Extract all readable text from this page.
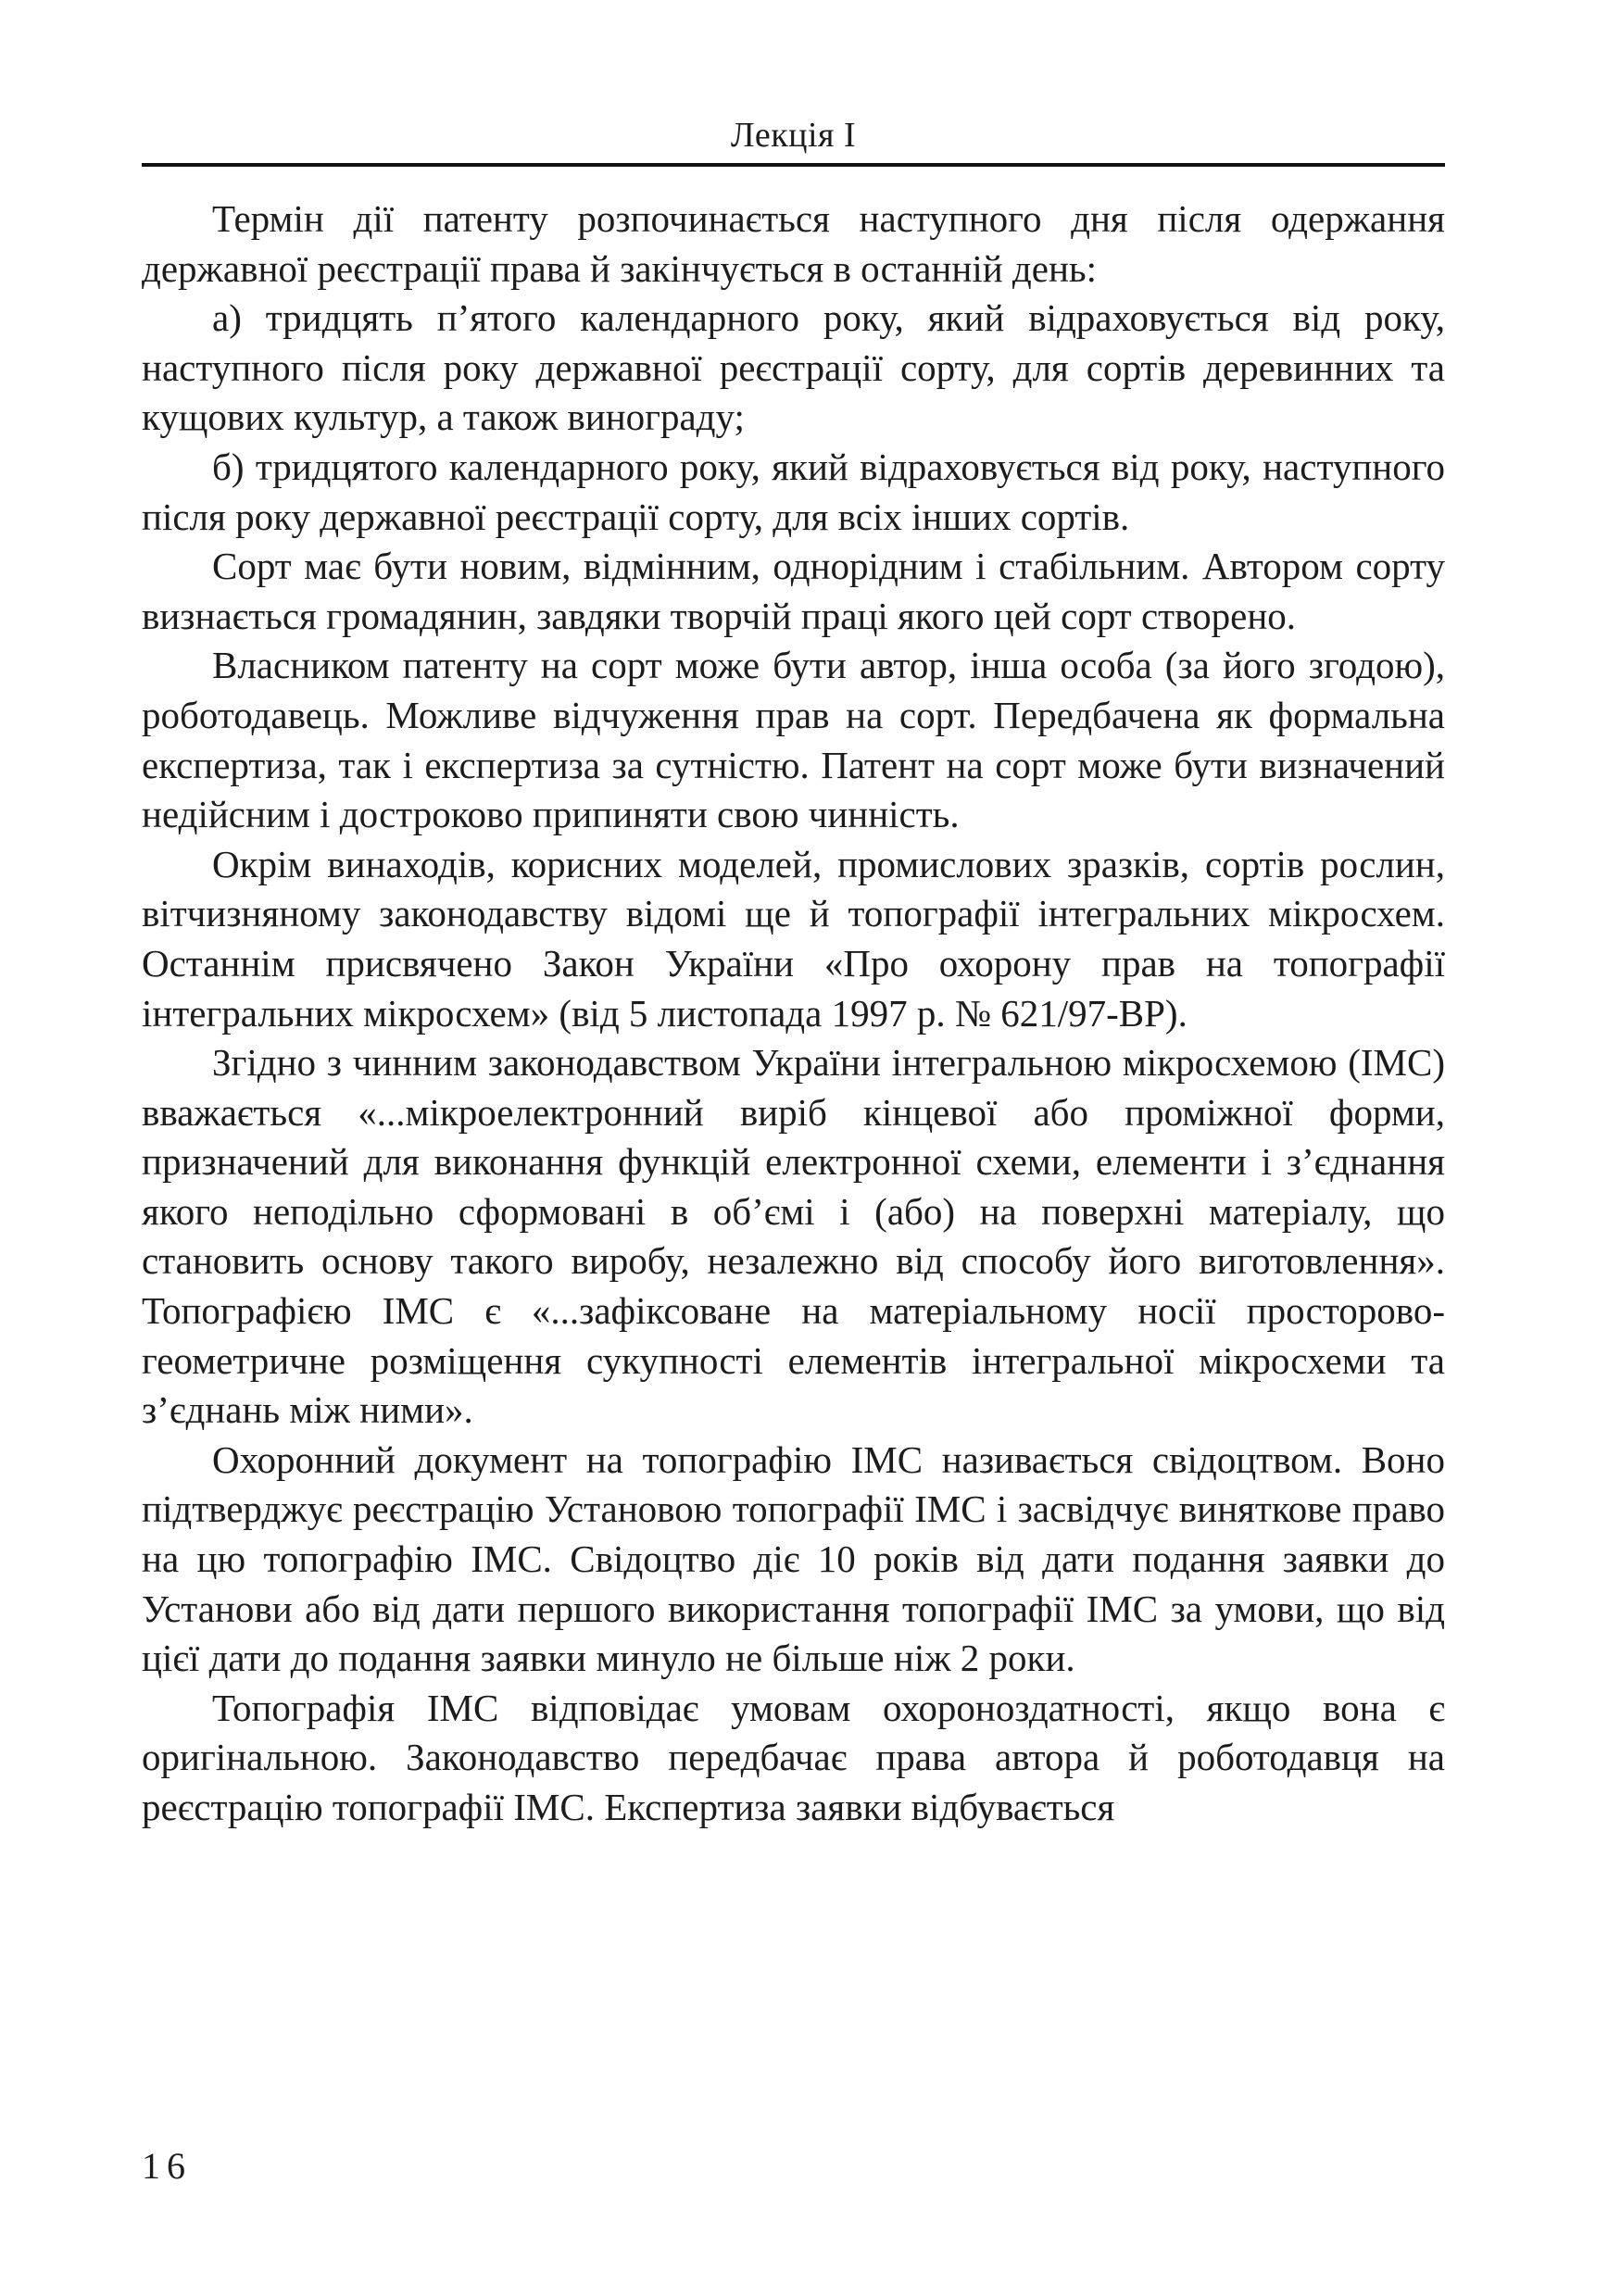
Лекція І

Термін дії патенту розпочинається наступного дня після одержання державної реєстрації права й закінчується в останній день:

а) тридцять п’ятого календарного року, який відраховується від року, наступного після року державної реєстрації сорту, для сортів деревинних та кущових культур, а також винограду;

б) тридцятого календарного року, який відраховується від року, наступного після року державної реєстрації сорту, для всіх інших сортів.

Сорт має бути новим, відмінним, однорідним і стабільним. Автором сорту визнається громадянин, завдяки творчій праці якого цей сорт створено.

Власником патенту на сорт може бути автор, інша особа (за його згодою), роботодавець. Можливе відчуження прав на сорт. Передбачена як формальна експертиза, так і експертиза за сутністю. Патент на сорт може бути визначений недійсним і достроково припиняти свою чинність.

Окрім винаходів, корисних моделей, промислових зразків, сортів рослин, вітчизняному законодавству відомі ще й топографії інтегральних мікросхем. Останнім присвячено Закон України «Про охорону прав на топографії інтегральних мікросхем» (від 5 листопада 1997 р. № 621/97-ВР).

Згідно з чинним законодавством України інтегральною мікросхемою (ІМС) вважається «...мікроелектронний виріб кінцевої або проміжної форми, призначений для виконання функцій електронної схеми, елементи і з’єднання якого неподільно сформовані в об’ємі і (або) на поверхні матеріалу, що становить основу такого виробу, незалежно від способу його виготовлення». Топографією ІМС є «...зафіксоване на матеріальному носії просторово-геометричне розміщення сукупності елементів інтегральної мікросхеми та з’єднань між ними».

Охоронний документ на топографію ІМС називається свідоцтвом. Воно підтверджує реєстрацію Установою топографії ІМС і засвідчує виняткове право на цю топографію ІМС. Свідоцтво діє 10 років від дати подання заявки до Установи або від дати першого використання топографії ІМС за умови, що від цієї дати до подання заявки минуло не більше ніж 2 роки.

Топографія ІМС відповідає умовам охороноздатності, якщо вона є оригінальною. Законодавство передбачає права автора й роботодавця на реєстрацію топографії ІМС. Експертиза заявки відбувається

16
